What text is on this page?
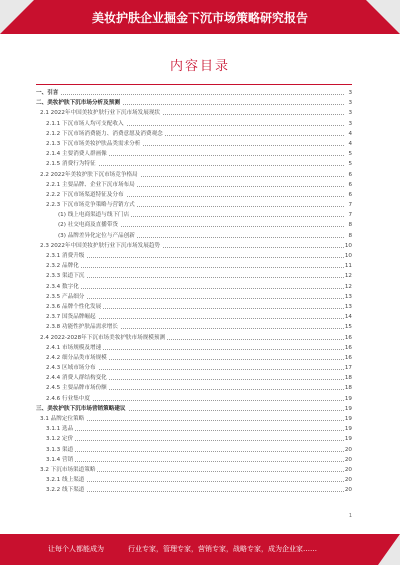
美妆护肤企业掘金下沉市场策略研究报告
内容目录
一、引言	3
二、美妆护肤下沉市场分析及预测	3
2.1 2022年中国美妆护肤行业下沉市场发展现状	3
2.1.1 下沉市场人均可支配收入	3
2.1.2 下沉市场消费能力、消费意愿及消费观念	4
2.1.3 下沉市场美妆护肤品类需求分析	4
2.1.4 主要消费人群画像	5
2.1.5 消费行为特征	5
2.2 2022年美妆护肤下沉市场竞争格局	6
2.2.1 主要品牌、企业下沉市场布局	6
2.2.2 下沉市场渠道特征及分布	6
2.2.3 下沉市场竞争策略与营销方式	7
(1) 线上电商渠道与线下门店	7
(2) 社交电商及直播带货	8
(3) 品牌差异化定位与产品创新	8
2.3 2022年中国美妆护肤行业下沉市场发展趋势	10
2.3.1 消费升级	10
2.3.2 品牌化	11
2.3.3 渠道下沉	12
2.3.4 数字化	12
2.3.5 产品细分	13
2.3.6 品牌个性化发展	13
2.3.7 国货品牌崛起	14
2.3.8 功能性护肤品需求增长	15
2.4 2022-2028年下沉市场美妆护肤市场规模预测	16
2.4.1 市场规模及增速	16
2.4.2 细分品类市场规模	16
2.4.3 区域市场分布	17
2.4.4 消费人群结构变化	18
2.4.5 主要品牌市场份额	18
2.4.6 行业集中度	19
三、美妆护肤下沉市场营销策略建议	19
3.1 品牌定位策略	19
3.1.1 选品	19
3.1.2 定价	19
3.1.3 渠道	20
3.1.4 营销	20
3.2 下沉市场渠道策略	20
3.2.1 线上渠道	20
3.2.2 线下渠道	20
1
让每个人都能成为	行业专家，管理专家，营销专家，战略专家，成为企业家……
